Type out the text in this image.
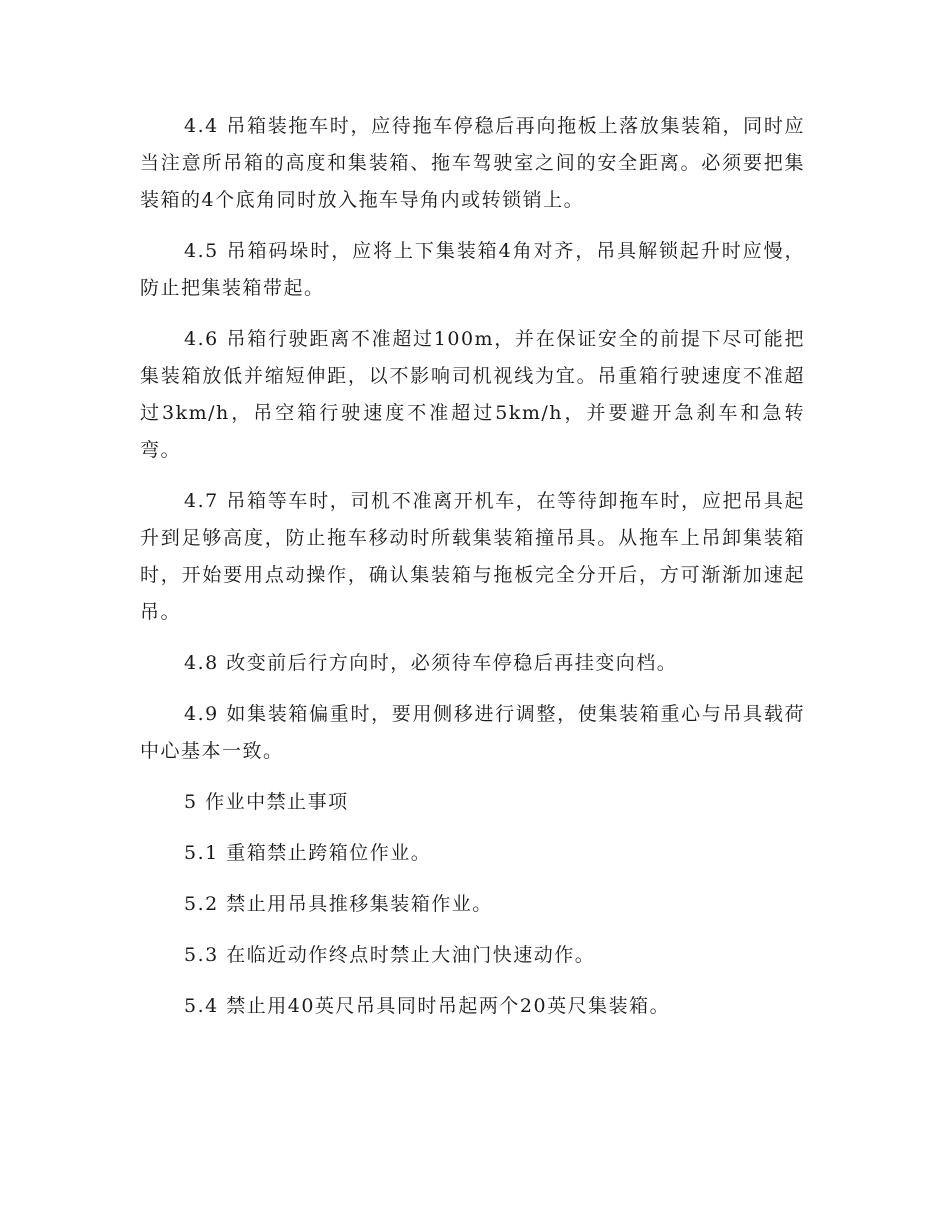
4.4 吊箱装拖车时，应待拖车停稳后再向拖板上落放集装箱，同时应当注意所吊箱的高度和集装箱、拖车驾驶室之间的安全距离。必须要把集装箱的4个底角同时放入拖车导角内或转锁销上。

4.5 吊箱码垛时，应将上下集装箱4角对齐，吊具解锁起升时应慢，防止把集装箱带起。

4.6 吊箱行驶距离不准超过100m，并在保证安全的前提下尽可能把集装箱放低并缩短伸距，以不影响司机视线为宜。吊重箱行驶速度不准超过3km/h，吊空箱行驶速度不准超过5km/h，并要避开急刹车和急转弯。

4.7 吊箱等车时，司机不准离开机车，在等待卸拖车时，应把吊具起升到足够高度，防止拖车移动时所载集装箱撞吊具。从拖车上吊卸集装箱时，开始要用点动操作，确认集装箱与拖板完全分开后，方可渐渐加速起吊。

4.8 改变前后行方向时，必须待车停稳后再挂变向档。

4.9 如集装箱偏重时，要用侧移进行调整，使集装箱重心与吊具载荷中心基本一致。

5 作业中禁止事项

5.1 重箱禁止跨箱位作业。

5.2 禁止用吊具推移集装箱作业。

5.3 在临近动作终点时禁止大油门快速动作。

5.4 禁止用40英尺吊具同时吊起两个20英尺集装箱。
